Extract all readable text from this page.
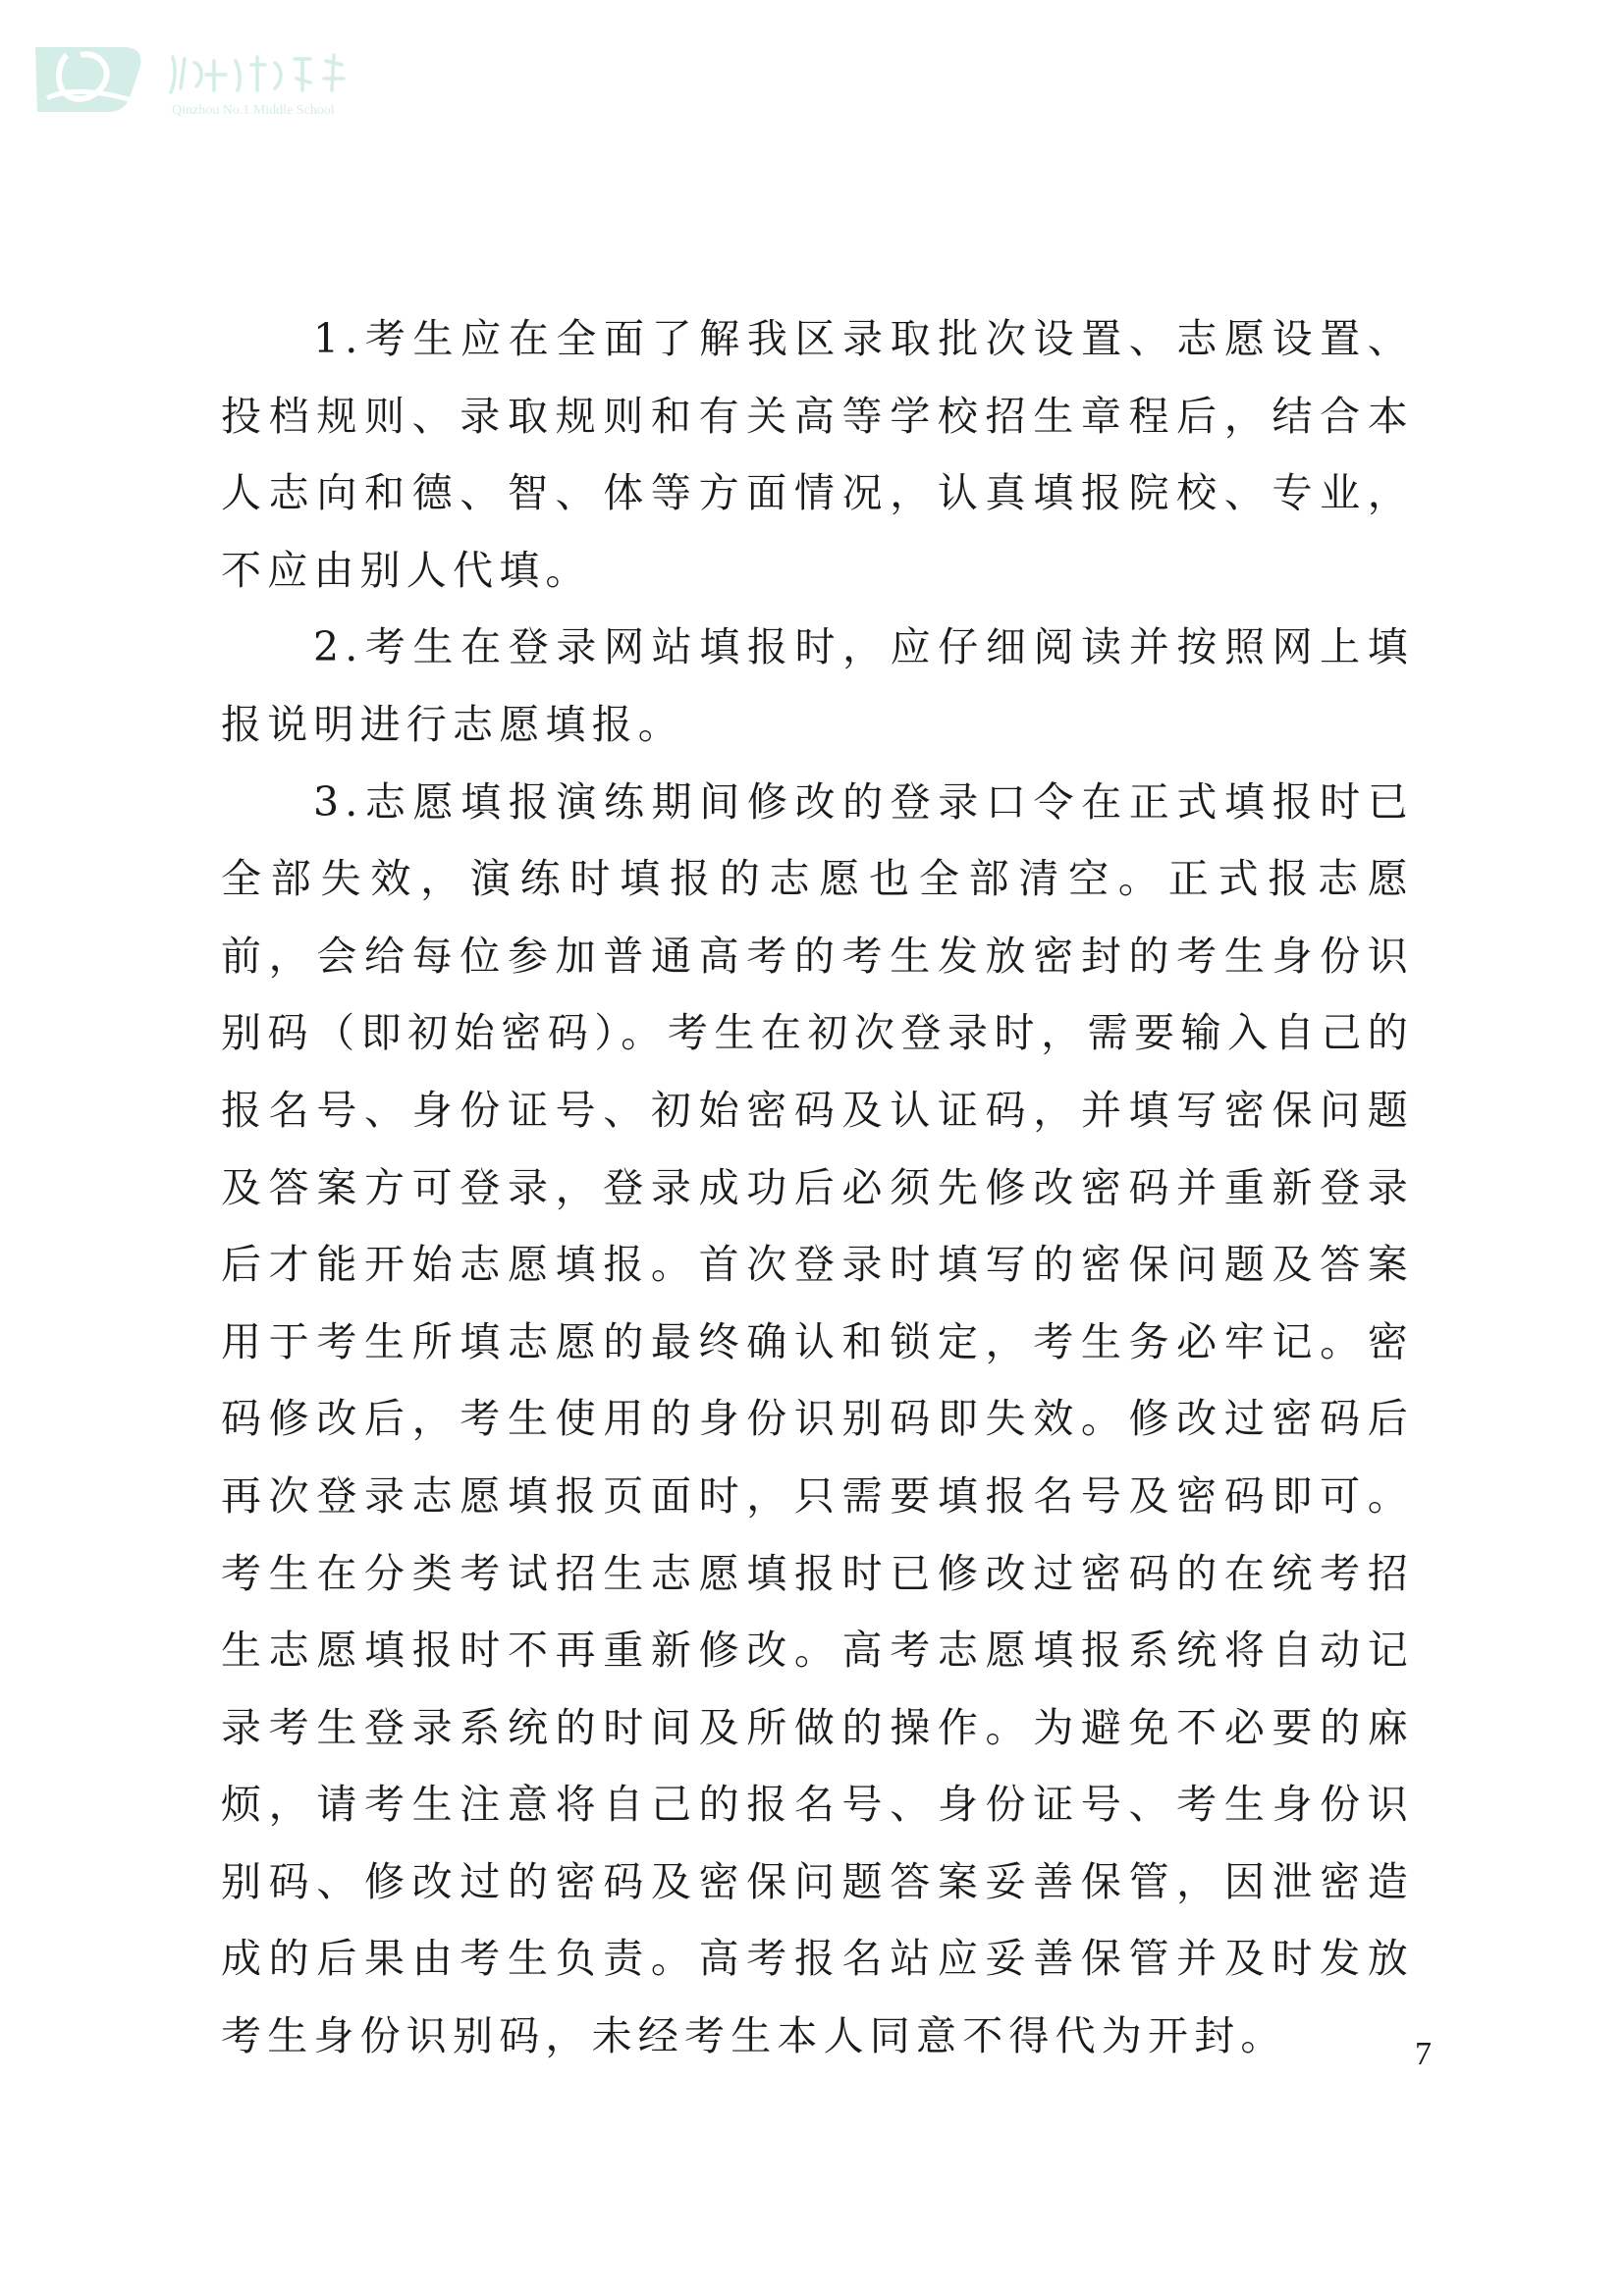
Qinzhou No.1 Middle School

1.考生应在全面了解我区录取批次设置、志愿设置、投档规则、录取规则和有关高等学校招生章程后，结合本人志向和德、智、体等方面情况，认真填报院校、专业，不应由别人代填。

2.考生在登录网站填报时，应仔细阅读并按照网上填报说明进行志愿填报。

3.志愿填报演练期间修改的登录口令在正式填报时已全部失效，演练时填报的志愿也全部清空。正式报志愿前，会给每位参加普通高考的考生发放密封的考生身份识别码（即初始密码）。考生在初次登录时，需要输入自己的报名号、身份证号、初始密码及认证码，并填写密保问题及答案方可登录，登录成功后必须先修改密码并重新登录后才能开始志愿填报。首次登录时填写的密保问题及答案用于考生所填志愿的最终确认和锁定，考生务必牢记。密码修改后，考生使用的身份识别码即失效。修改过密码后再次登录志愿填报页面时，只需要填报名号及密码即可。考生在分类考试招生志愿填报时已修改过密码的在统考招生志愿填报时不再重新修改。高考志愿填报系统将自动记录考生登录系统的时间及所做的操作。为避免不必要的麻烦，请考生注意将自己的报名号、身份证号、考生身份识别码、修改过的密码及密保问题答案妥善保管，因泄密造成的后果由考生负责。高考报名站应妥善保管并及时发放考生身份识别码，未经考生本人同意不得代为开封。	7
